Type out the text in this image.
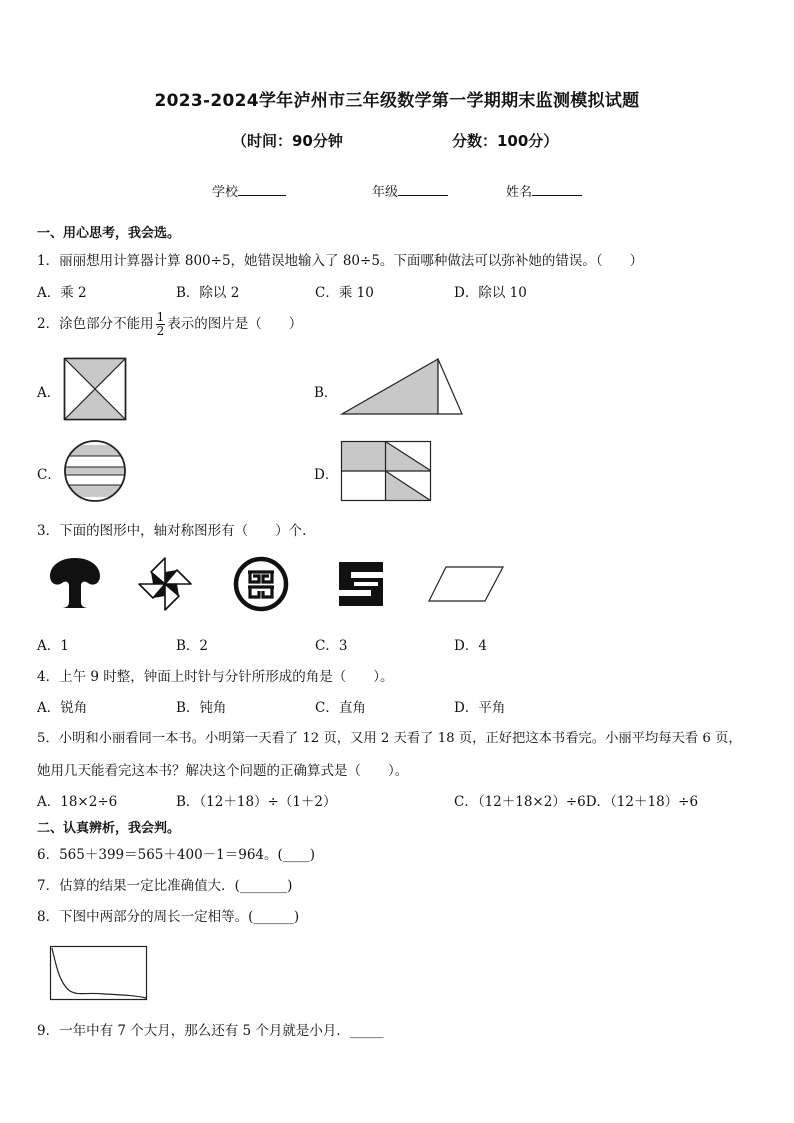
2023-2024学年泸州市三年级数学第一学期期末监测模拟试题
（时间：90分钟	分数：100分）
学校	年级	姓名
一、用心思考，我会选。
1．丽丽想用计算器计算 800÷5，她错误地输入了 80÷5。下面哪种做法可以弥补她的错误。（　　）
A．乘 2	B．除以 2	C．乘 10	D．除以 10
2．涂色部分不能用 $\frac{1}{2}$ 表示的图片是（　　）
A．	B．
C．	D．
3．下面的图形中，轴对称图形有（　　）个.
A．1	B．2	C．3	D．4
4．上午 9 时整，钟面上时针与分针所形成的角是（　　）。
A．锐角	B．钝角	C．直角	D．平角
5．小明和小丽看同一本书。小明第一天看了 12 页，又用 2 天看了 18 页，正好把这本书看完。小丽平均每天看 6 页，
她用几天能看完这本书？解决这个问题的正确算式是（　　）。
A．18×2÷6	B．（12＋18）÷（1＋2）	C．（12＋18×2）÷6D．（12＋18）÷6
二、认真辨析，我会判。
6．565＋399＝565＋400－1＝964。(____)
7．估算的结果一定比准确值大．(_______)
8．下图中两部分的周长一定相等。(______)
9．一年中有 7 个大月，那么还有 5 个月就是小月．_____
